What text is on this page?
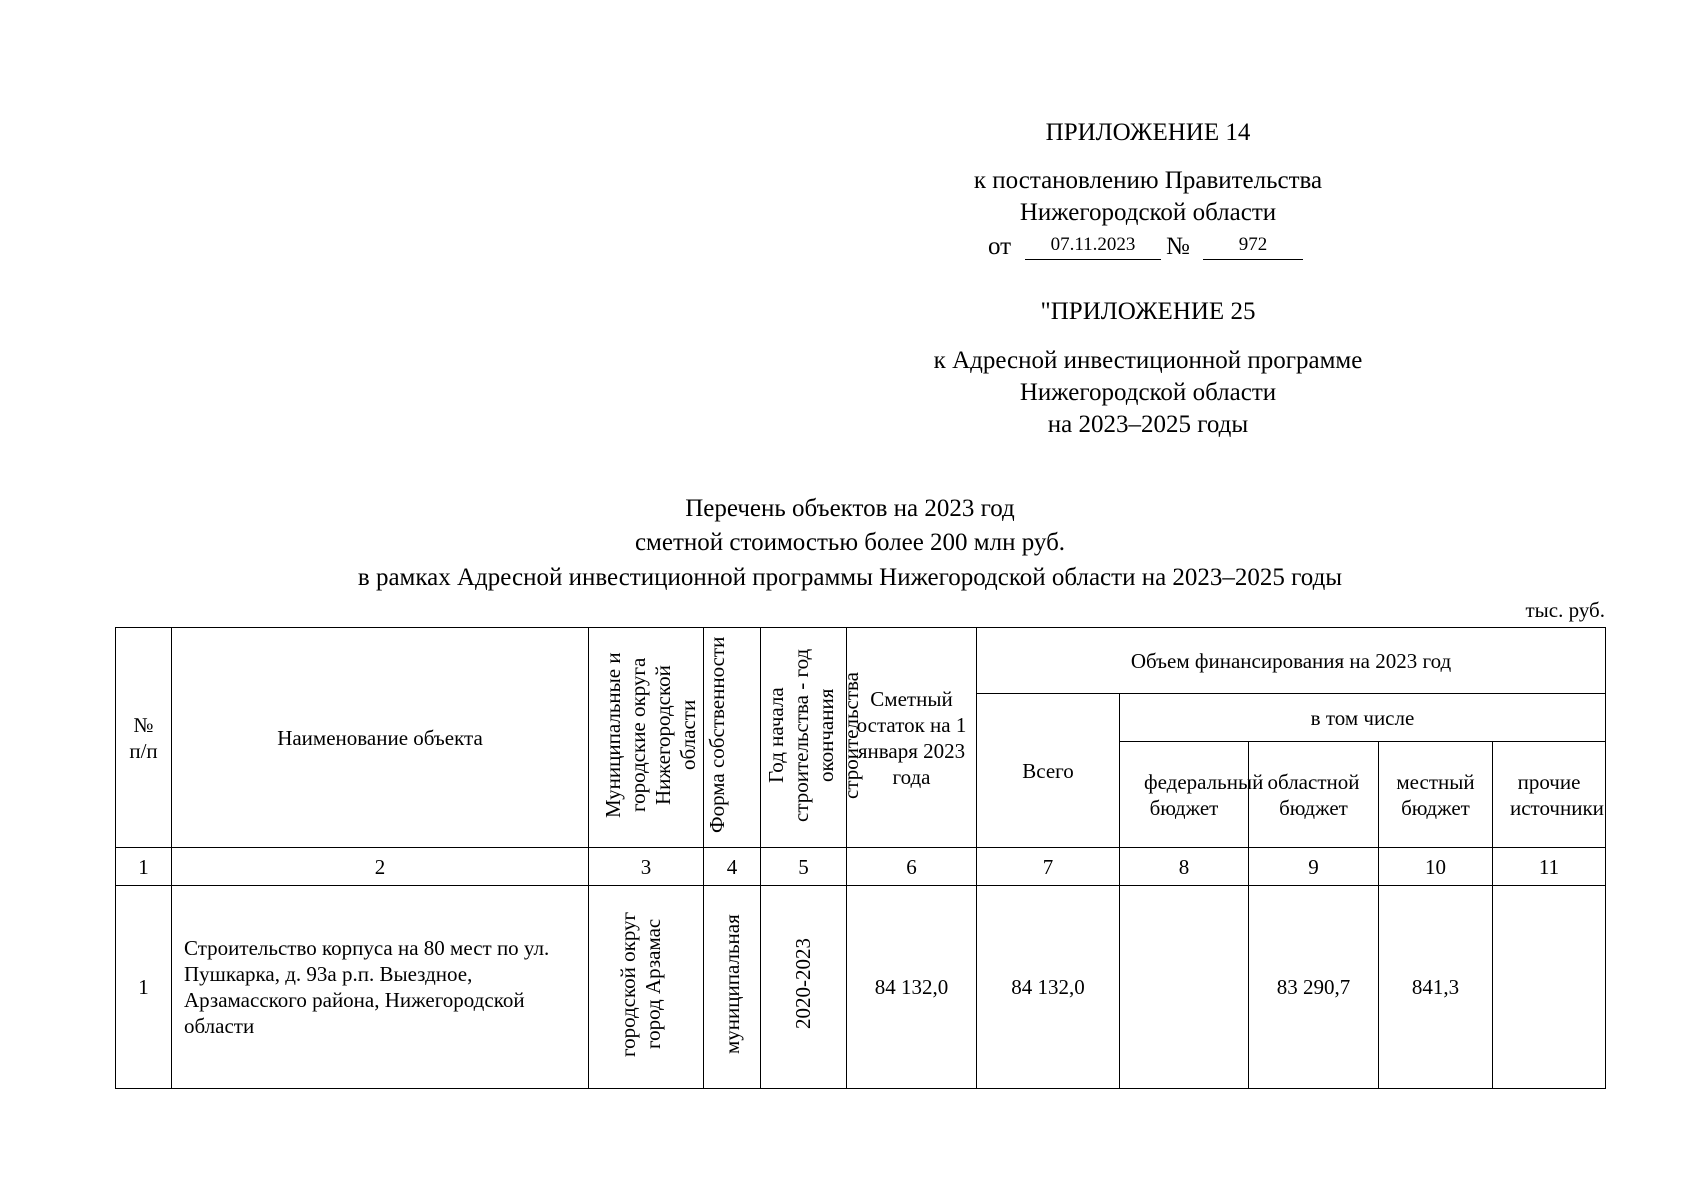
ПРИЛОЖЕНИЕ 14
к постановлению Правительства
Нижегородской области
от	07.11.2023	№	972
"ПРИЛОЖЕНИЕ 25
к Адресной инвестиционной программе
Нижегородской области
на 2023–2025 годы
Перечень объектов на 2023 год
сметной стоимостью более 200 млн руб.
в рамках Адресной инвестиционной программы Нижегородской области на 2023–2025 годы
тыс. руб.
№ п/п	Наименование объекта	Муниципальные и городские округа Нижегородской области	Форма собственности	Год начала строительства - год окончания строительства	Сметный остаток на 1 января 2023 года	Объем финансирования на 2023 год				
						Всего	в том числе			
							федеральный бюджет	областной бюджет	местный бюджет	прочие источники
1	2	3	4	5	6	7	8	9	10	11
1	Строительство корпуса на 80 мест по ул. Пушкарка, д. 93а р.п. Выездное, Арзамасского района, Нижегородской области	городской округ город Арзамас	муниципальная	2020-2023	84 132,0	84 132,0		83 290,7	841,3	
